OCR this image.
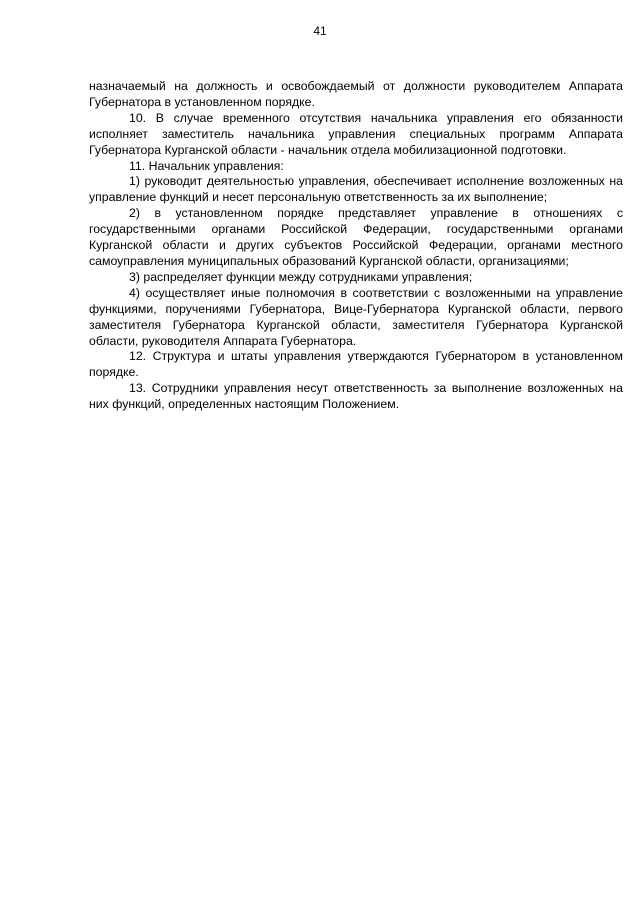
41

назначаемый на должность и освобождаемый от должности руководителем Аппарата Губернатора в установленном порядке.

10. В случае временного отсутствия начальника управления его обязанности исполняет заместитель начальника управления специальных программ Аппарата Губернатора Курганской области - начальник отдела мобилизационной подготовки.

11. Начальник управления:

1) руководит деятельностью управления, обеспечивает исполнение возложенных на управление функций и несет персональную ответственность за их выполнение;

2) в установленном порядке представляет управление в отношениях с государственными органами Российской Федерации, государственными органами Курганской области и других субъектов Российской Федерации, органами местного самоуправления муниципальных образований Курганской области, организациями;

3) распределяет функции между сотрудниками управления;

4) осуществляет иные полномочия в соответствии с возложенными на управление функциями, поручениями Губернатора, Вице-Губернатора Курганской области, первого заместителя Губернатора Курганской области, заместителя Губернатора Курганской области, руководителя Аппарата Губернатора.

12. Структура и штаты управления утверждаются Губернатором в установленном порядке.

13. Сотрудники управления несут ответственность за выполнение возложенных на них функций, определенных настоящим Положением.
